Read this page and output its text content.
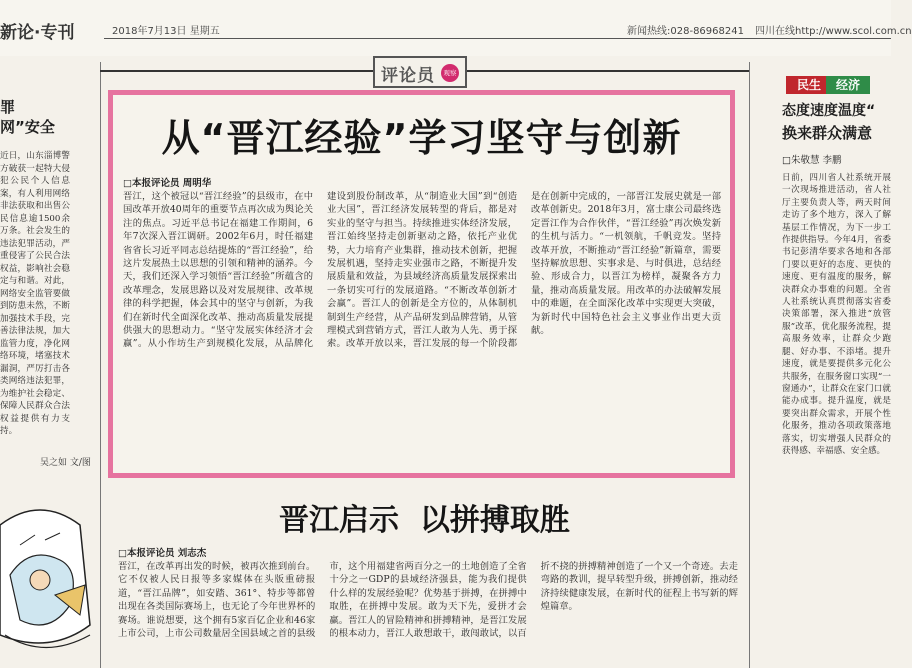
新论·专刊	2018年7月13日 星期五	新闻热线:028-86968241 四川在线http://www.scol.com.cn
罪
网”安全
近日，山东淄博警方破获一起特大侵犯公民个人信息案，有人利用网络非法获取和出售公民信息逾1500余万条。社会发生的违法犯罪活动，严重侵害了公民合法权益，影响社会稳定与和谐。对此，网络安全监管要做到防患未然，不断加强技术手段，完善法律法规，加大监管力度，净化网络环境，堵塞技术漏洞，严厉打击各类网络违法犯罪，为维护社会稳定、保障人民群众合法权益提供有力支持。
吴之如 文/图
评论员	观察
从“晋江经验”学习坚守与创新
□本报评论员 周明华
晋江，这个被冠以“晋江经验”的县级市，在中国改革开放40周年的重要节点再次成为舆论关注的焦点。习近平总书记在福建工作期间，6年7次深入晋江调研。2002年6月，时任福建省省长习近平同志总结提炼的“晋江经验”，给这片发展热土以思想的引领和精神的涵养。今天，我们还深入学习领悟“晋江经验”所蕴含的改革理念，发展思路以及对发展规律、改革规律的科学把握，体会其中的坚守与创新，为我们在新时代全面深化改革、推动高质量发展提供强大的思想动力。“坚守发展实体经济才会赢”。从小作坊生产到规模化发展，从品牌化建设到股份制改革，从“制造业大国”到“创造业大国”，晋江经济发展转型的背后，都是对实业的坚守与担当。持续推进实体经济发展，晋江始终坚持走创新驱动之路，依托产业优势，大力培育产业集群，推动技术创新，把握发展机遇，坚持走实业强市之路，不断提升发展质量和效益，为县域经济高质量发展探索出一条切实可行的发展道路。“不断改革创新才会赢”。晋江人的创新是全方位的，从体制机制到生产经营，从产品研发到品牌营销，从管理模式到营销方式，晋江人敢为人先、勇于探索。改革开放以来，晋江发展的每一个阶段都是在创新中完成的，一部晋江发展史就是一部改革创新史。2018年3月，富士康公司最终选定晋江作为合作伙伴，“晋江经验”再次焕发新的生机与活力。“一机领航，千帆竞发。坚持改革开放，不断推动“晋江经验”新篇章，需要坚持解放思想、实事求是、与时俱进，总结经验、形成合力，以晋江为榜样，凝聚各方力量，推动高质量发展。用改革的办法破解发展中的难题，在全面深化改革中实现更大突破，为新时代中国特色社会主义事业作出更大贡献。
晋江启示  以拼搏取胜
□本报评论员 刘志杰
晋江，在改革再出发的时候，被再次推到前台。它不仅被人民日报等多家媒体在头版重磅报道，“晋江品牌”，如安踏、361°、特步等都曾出现在各类国际赛场上，也无论了今年世界杯的赛场。谁说想要，这个拥有5家百亿企业和46家上市公司，上市公司数量居全国县域之首的县级市，这个用福建省两百分之一的土地创造了全省十分之一GDP的县域经济强县，能为我们提供什么样的发展经验呢？优势基于拼搏，在拼搏中取胜，在拼搏中发展。敢为天下先，爱拼才会赢。晋江人的冒险精神和拼搏精神，是晋江发展的根本动力，晋江人敢想敢干，敢闯敢试，以百折不挠的拼搏精神创造了一个又一个奇迹。去走弯路的教训，提早转型升级，拼搏创新，推动经济持续健康发展，在新时代的征程上书写新的辉煌篇章。
民生	经济
态度速度温度“
换来群众满意
□朱敬慧 李鹏
日前，四川省人社系统开展一次现场推进活动，省人社厅主要负责人等，两天时间走访了多个地方，深入了解基层工作情况，为下一步工作提供指导。今年4月，省委书记彭清华要求各地和各部门要以更好的态度、更快的速度、更有温度的服务，解决群众办事难的问题。全省人社系统认真贯彻落实省委决策部署，深入推进“放管服”改革，优化服务流程，提高服务效率，让群众少跑腿、好办事、不添堵。提升速度，就是要提供多元化公共服务，在服务窗口实现“一窗通办”，让群众在家门口就能办成事。提升温度，就是要突出群众需求，开展个性化服务，推动各项政策落地落实，切实增强人民群众的获得感、幸福感、安全感。
